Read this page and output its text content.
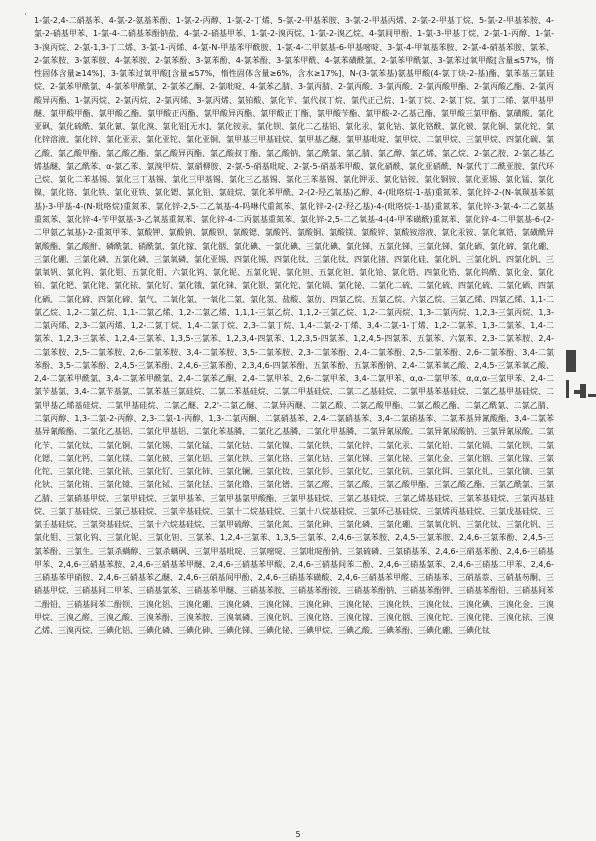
·
1-氯-2,4-二硝基苯、4-氯-2-氨基苯酚、1-氯-2-丙醇、1-氯-2-丁烯、5-氯-2-甲基苯胺、3-氯-2-甲基丙烯、2-氯-2-甲基丁烷、5-氯-2-甲基苯胺、4-氯-2-硝基甲苯、1-氯-4-二硝基苯酚钠盐、4-氯-2-硝基甲苯、1-氯-2-溴丙烷、1-氯-2-溴乙烷、4-氯间甲酚、1-氯-3-甲基丁烷、2-氯-1-丙醇、1-氯-3-溴丙烷、2-氯-1,3-丁二烯、3-氯-1-丙烯、4-氯-N-甲基苯甲酰胺、1-氯-4-二甲氨基-6-甲基嘧啶、3-氯-4-甲氧基苯胺、2-氯-4-硝基苯胺、氯苯、2-氯苯胺、3-氯苯胺、4-氯苯胺、2-氯苯酚、3-氯苯酚、4-氯苯酚、3-氯苯甲酰、4-氯苯磺酰氯、2-氯苯甲酰氯、3-氯苯过氧甲酸[含量≤57%，惰性固体含量≥14%]、3-氯苯过氧甲酸[含量≤57%，惰性固体含量≥6%，含水≥17%]、N-(3-氯苯基)氨基甲酸(4-氯丁炔-2-基)酯、氯苯基三氯硅烷、2-氯苯甲酰氯、4-氯苯甲酰氯、2-氯苯乙酮、2-氯吡啶、4-氯苯乙腈、3-氯丙腈、2-氯丙酸、3-氯丙酸、2-氯丙酸甲酯、2-氯丙酸乙酯、2-氯丙酸异丙酯、1-氯丙烷、2-氯丙烷、2-氯丙烯、3-氯丙烯、氯铂酸、氯化苄、氯代叔丁烷、氯代正己烷、1-氯丁烷、2-氯丁烷、氯丁二烯、氯甲基甲醚、氯甲酸甲酯、氯甲酸乙酯、氯甲酸正丙酯、氯甲酸异丙酯、氯甲酸正丁酯、氯甲酸苄酯、氯甲酸-2-乙基己酯、氯甲酸三氯甲酯、氯磺酸、氯化亚砜、氯化硫酰、氯化氰、氯化溴、氯化铝[无水]、氯化铵汞、氯化钡、氯化二乙基铝、氯化汞、氯化钴、氯化铬酰、氯化铍、氯化铜、氯化铊、氯化锌溶液、氯化锌、氯化亚汞、氯化亚铊、氯化亚铜、氯甲基三甲基硅烷、氯甲基乙醚、氯甲基吡啶、氯甲烷、二氯甲烷、三氯甲烷、四氯化碳、氯乙酸、氯乙酸甲酯、氯乙酸乙酯、氯乙酸异丙酯、氯乙酸叔丁酯、氯乙酸钠、氯乙酰氯、氯乙腈、氯乙醇、氯乙烯、氯乙烷、2-氯乙胺、2-氯乙基乙烯基醚、氯乙酰苯、α-氯乙苯、氯溴甲烷、氯硝柳胺、2-氯-5-硝基吡啶、2-氯-5-硝基苯甲酸、氯化硝酰、氯化亚硝酰、N-氯代丁二酰亚胺、氯代环己烷、氯化二苯基锡、氯化三丁基锡、氯化三甲基锡、氯化三乙基锡、氯化三苯基锡、氯化钾汞、氯化钴铵、氯化铜铵、氯化亚锡、氯化锰、氯化镍、氯化铬、氯化铁、氯化亚铁、氯化锶、氯化铅、氯硅烷、氯化苯甲酰、2-(2-羟乙氧基)乙醇、4-(吡咯烷-1-基)重氮苯、氯化锌-2-(N-氧羰基苯氨基)-3-甲基-4-(N-吡咯烷)重氮苯、氯化锌-2,5-二乙氧基-4-吗啉代重氮苯、氯化锌-2-(2-羟乙基)-4-(吡咯烷-1-基)重氮苯、氯化锌-3-氯-4-二乙氨基重氮苯、氯化锌-4-苄甲氨基-3-乙氧基重氮苯、氯化锌-4-二丙氨基重氮苯、氯化锌-2,5-二乙氧基-4-(4-甲苯磺酰)重氮苯、氯化锌-4-二甲氨基-6-(2-二甲氨乙氧基)-2-重氮甲苯、氯酸钾、氯酸钠、氯酸钡、氯酸锶、氯酸钙、氯酸铜、氯酸镁、氯酸锌、氯酸铵溶液、氯化汞铵、氯化氧锆、氯磺酰异氰酸酯、氯乙酸酐、磷酰氯、硝酰氯、氯化镓、氯化铟、氯化碘、一氯化碘、三氯化碘、氯化锑、五氯化锑、三氯化锑、氯化硒、氯化碲、氯化硼、三氯化硼、三氯化磷、五氯化磷、三氯氧磷、氯化亚锡、四氯化锡、四氯化钛、三氯化钛、四氯化锗、四氯化硅、氯化钒、三氯化钒、四氯化钒、三氯氧钒、氯化钨、氯化钼、五氯化钼、六氯化钨、氯化铌、五氯化铌、氯化钽、五氯化钽、氯化铪、氯化锆、四氯化锆、氯化钨酰、氯化金、氯化铂、氯化钯、氯化铑、氯化铱、氯化钌、氯化锇、氯化铼、氯化银、氯化铊、氯化镉、氯化铋、二氯化二硫、二氯化硫、四氯化硫、二氯化硒、四氯化硒、二氯化碲、四氯化碲、氯气、二氧化氯、一氧化二氯、氯化氢、盐酸、氯仿、四氯乙烷、五氯乙烷、六氯乙烷、三氯乙烯、四氯乙烯、1,1-二氯乙烷、1,2-二氯乙烷、1,1-二氯乙烯、1,2-二氯乙烯、1,1,1-三氯乙烷、1,1,2-三氯乙烷、1,2-二氯丙烷、1,3-二氯丙烷、1,2,3-三氯丙烷、1,3-二氯丙烯、2,3-二氯丙烯、1,2-二氯丁烷、1,4-二氯丁烷、2,3-二氯丁烷、1,4-二氯-2-丁烯、3,4-二氯-1-丁烯、1,2-二氯苯、1,3-二氯苯、1,4-二氯苯、1,2,3-三氯苯、1,2,4-三氯苯、1,3,5-三氯苯、1,2,3,4-四氯苯、1,2,3,5-四氯苯、1,2,4,5-四氯苯、五氯苯、六氯苯、2,3-二氯苯胺、2,4-二氯苯胺、2,5-二氯苯胺、2,6-二氯苯胺、3,4-二氯苯胺、3,5-二氯苯胺、2,3-二氯苯酚、2,4-二氯苯酚、2,5-二氯苯酚、2,6-二氯苯酚、3,4-二氯苯酚、3,5-二氯苯酚、2,4,5-三氯苯酚、2,4,6-三氯苯酚、2,3,4,6-四氯苯酚、五氯苯酚、五氯苯酚钠、2,4-二氯苯氧乙酸、2,4,5-三氯苯氧乙酸、2,4-二氯苯甲酰氯、3,4-二氯苯甲酰氯、2,4-二氯苯乙酮、2,4-二氯甲苯、2,6-二氯甲苯、3,4-二氯甲苯、α,α-二氯甲苯、α,α,α-三氯甲苯、2,4-二氯苄基氯、3,4-二氯苄基氯、二氯苯基三氯硅烷、二氯二苯基硅烷、二氯二甲基硅烷、二氯二乙基硅烷、二氯甲基苯基硅烷、二氯乙基甲基硅烷、二氯甲基乙烯基硅烷、二氯甲基硅烷、二氯乙醚、2,2'-二氯乙醚、二氯异丙醚、二氯乙酸、二氯乙酸甲酯、二氯乙酸乙酯、二氯乙酰氯、二氯乙腈、二氯丙醇、1,3-二氯-2-丙醇、2,3-二氯-1-丙醇、1,3-二氯丙酮、二氯硝基苯、2,4-二氯硝基苯、3,4-二氯硝基苯、二氯苯基异氰酸酯、3,4-二氯苯基异氰酸酯、二氯化乙基铝、二氯化甲基铝、二氯化苯基膦、二氯化乙基膦、二氯化甲基膦、二氯异氰尿酸、二氯异氰尿酸钠、三氯异氰尿酸、二氯化苄、二氯化钛、二氯化铜、二氯化锡、二氯化锰、二氯化钴、二氯化镍、二氯化铁、二氯化锌、二氯化汞、二氯化铅、二氯化镉、二氯化钡、二氯化锶、二氯化钙、二氯化镁、二氯化铍、三氯化铝、三氯化铁、三氯化铬、三氯化钴、三氯化锑、三氯化铋、三氯化金、三氯化铟、三氯化镓、三氯化铊、三氯化铑、三氯化铱、三氯化钌、三氯化铈、三氯化镧、三氯化钕、三氯化钐、三氯化钇、三氯化钪、三氯化铒、三氯化钆、三氯化镝、三氯化钬、三氯化铕、三氯化镱、三氯化铽、三氯化铥、三氯化镥、三氯化镨、三氯乙醛、三氯乙酸、三氯乙酸甲酯、三氯乙酸乙酯、三氯乙酰氯、三氯乙腈、三氯硝基甲烷、三氯甲硅烷、三氯甲基苯、三氯甲基氯甲酸酯、三氯甲基硅烷、三氯乙基硅烷、三氯乙烯基硅烷、三氯苯基硅烷、三氯丙基硅烷、三氯丁基硅烷、三氯己基硅烷、三氯辛基硅烷、三氯十二烷基硅烷、三氯十八烷基硅烷、三氯环己基硅烷、三氯烯丙基硅烷、三氯戊基硅烷、三氯壬基硅烷、三氯癸基硅烷、三氯十六烷基硅烷、三氯甲硫醇、三氯化氮、三氯化砷、三氯化磷、三氯化硼、三氯氧化钒、三氯化钛、三氯化钒、三氯化钼、三氯化钨、三氯化铌、三氯化钽、三氯苯、1,2,4-三氯苯、1,3,5-三氯苯、2,4,6-三氯苯胺、2,4,5-三氯苯胺、2,4,6-三氯苯酚、2,4,5-三氯苯酚、三氯生、三氯杀螨醇、三氯杀螨砜、三氯甲基吡啶、三氯嘧啶、三氯吡啶酚钠、三氯硫磷、三氯硝基苯、2,4,6-三硝基苯酚、2,4,6-三硝基甲苯、2,4,6-三硝基苯胺、2,4,6-三硝基苯甲醚、2,4,6-三硝基苯甲酸、2,4,6-三硝基间苯二酚、2,4,6-三硝基氯苯、2,4,6-三硝基二甲苯、2,4,6-三硝基苯甲硝胺、2,4,6-三硝基苯乙醚、2,4,6-三硝基间甲酚、2,4,6-三硝基苯磺酸、2,4,6-三硝基苯甲醛、三硝基苯、三硝基萘、三硝基芴酮、三硝基甲烷、三硝基间二甲苯、三硝基氯苯、三硝基苯甲醚、三硝基苯胺、三硝基苯酚铵、三硝基苯酚钠、三硝基苯酚钾、三硝基苯酚铅、三硝基间苯二酚铅、三硝基间苯二酚钡、三溴化铝、三溴化硼、三溴化磷、三溴化锑、三溴化砷、三溴化铋、三溴化铁、三溴化钛、三溴化碘、三溴化金、三溴甲烷、三溴乙醛、三溴乙酸、三溴苯酚、三溴苯胺、三溴氧磷、三溴化钒、三溴化铬、三溴化镓、三溴化铟、三溴化铊、三溴化铑、三溴化铱、三溴乙烯、三溴丙烷、三碘化铝、三碘化磷、三碘化砷、三碘化锑、三碘化铋、三碘甲烷、三碘乙酸、三碘苯酚、三碘化硼、三碘化钛
5
